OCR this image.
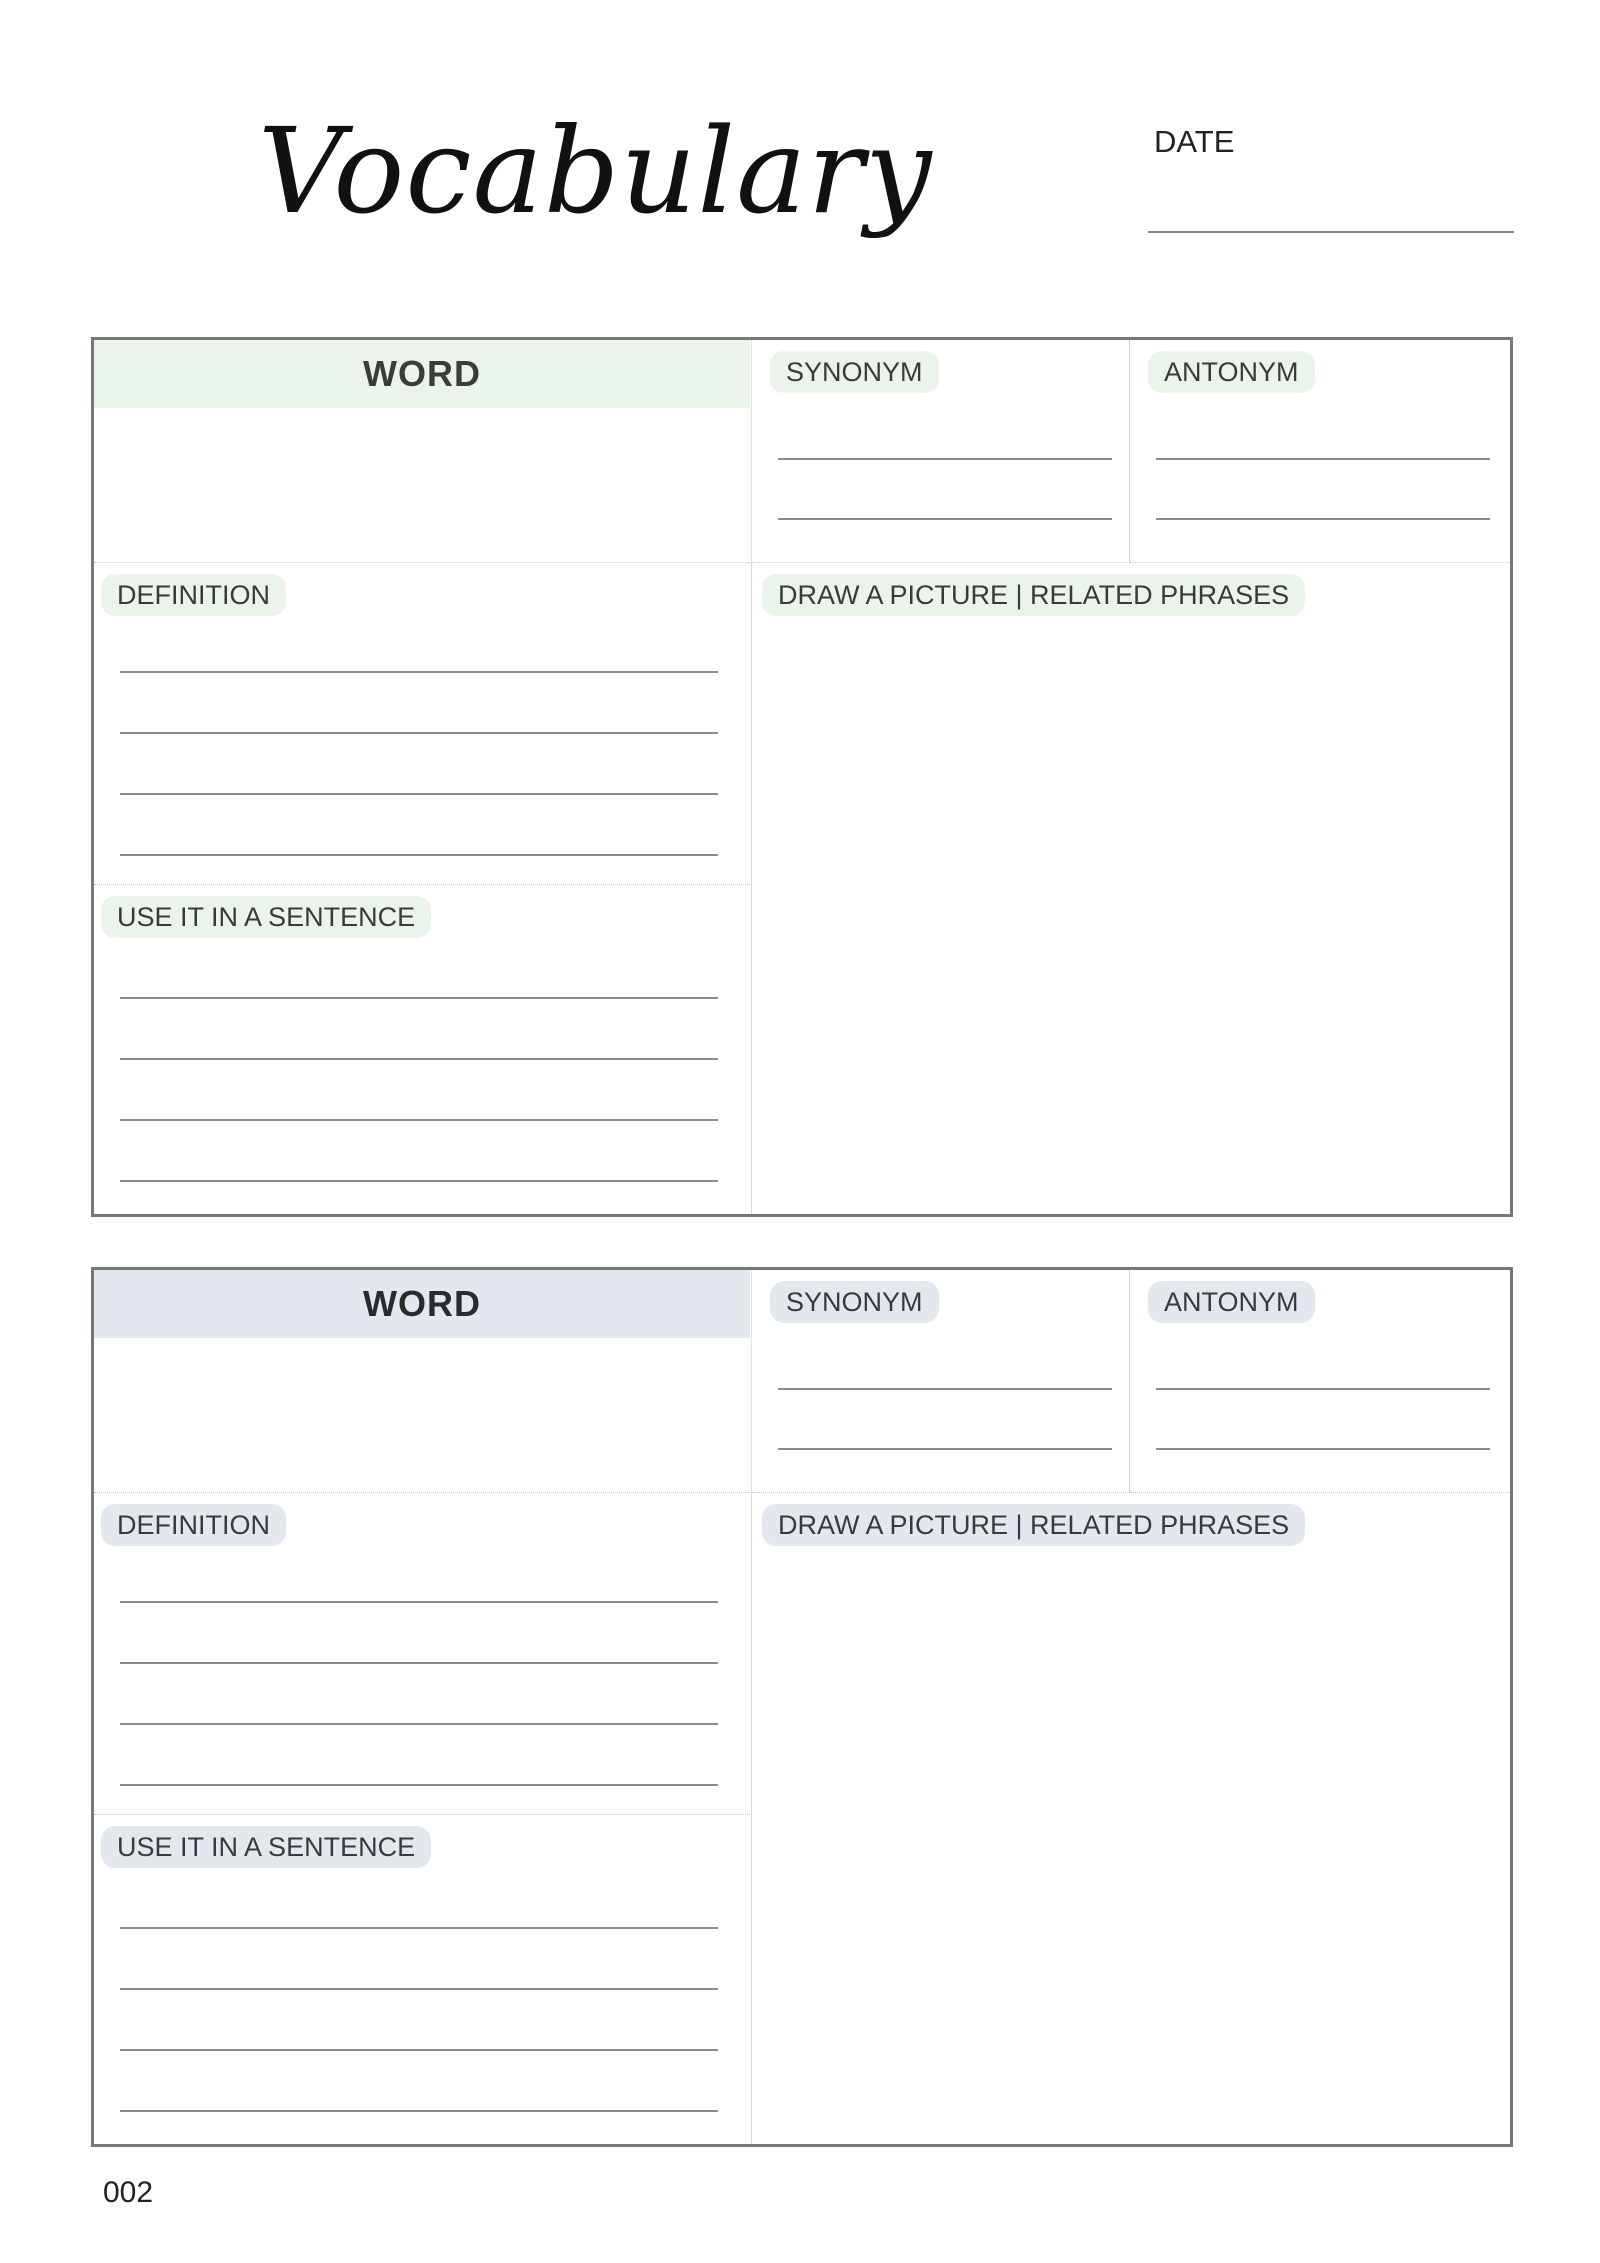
Vocabulary	DATE
WORD	SYNONYM	ANTONYM
DEFINITION
USE IT IN A SENTENCE
DRAW A PICTURE | RELATED PHRASES
WORD	SYNONYM	ANTONYM
DEFINITION
USE IT IN A SENTENCE
DRAW A PICTURE | RELATED PHRASES
002
